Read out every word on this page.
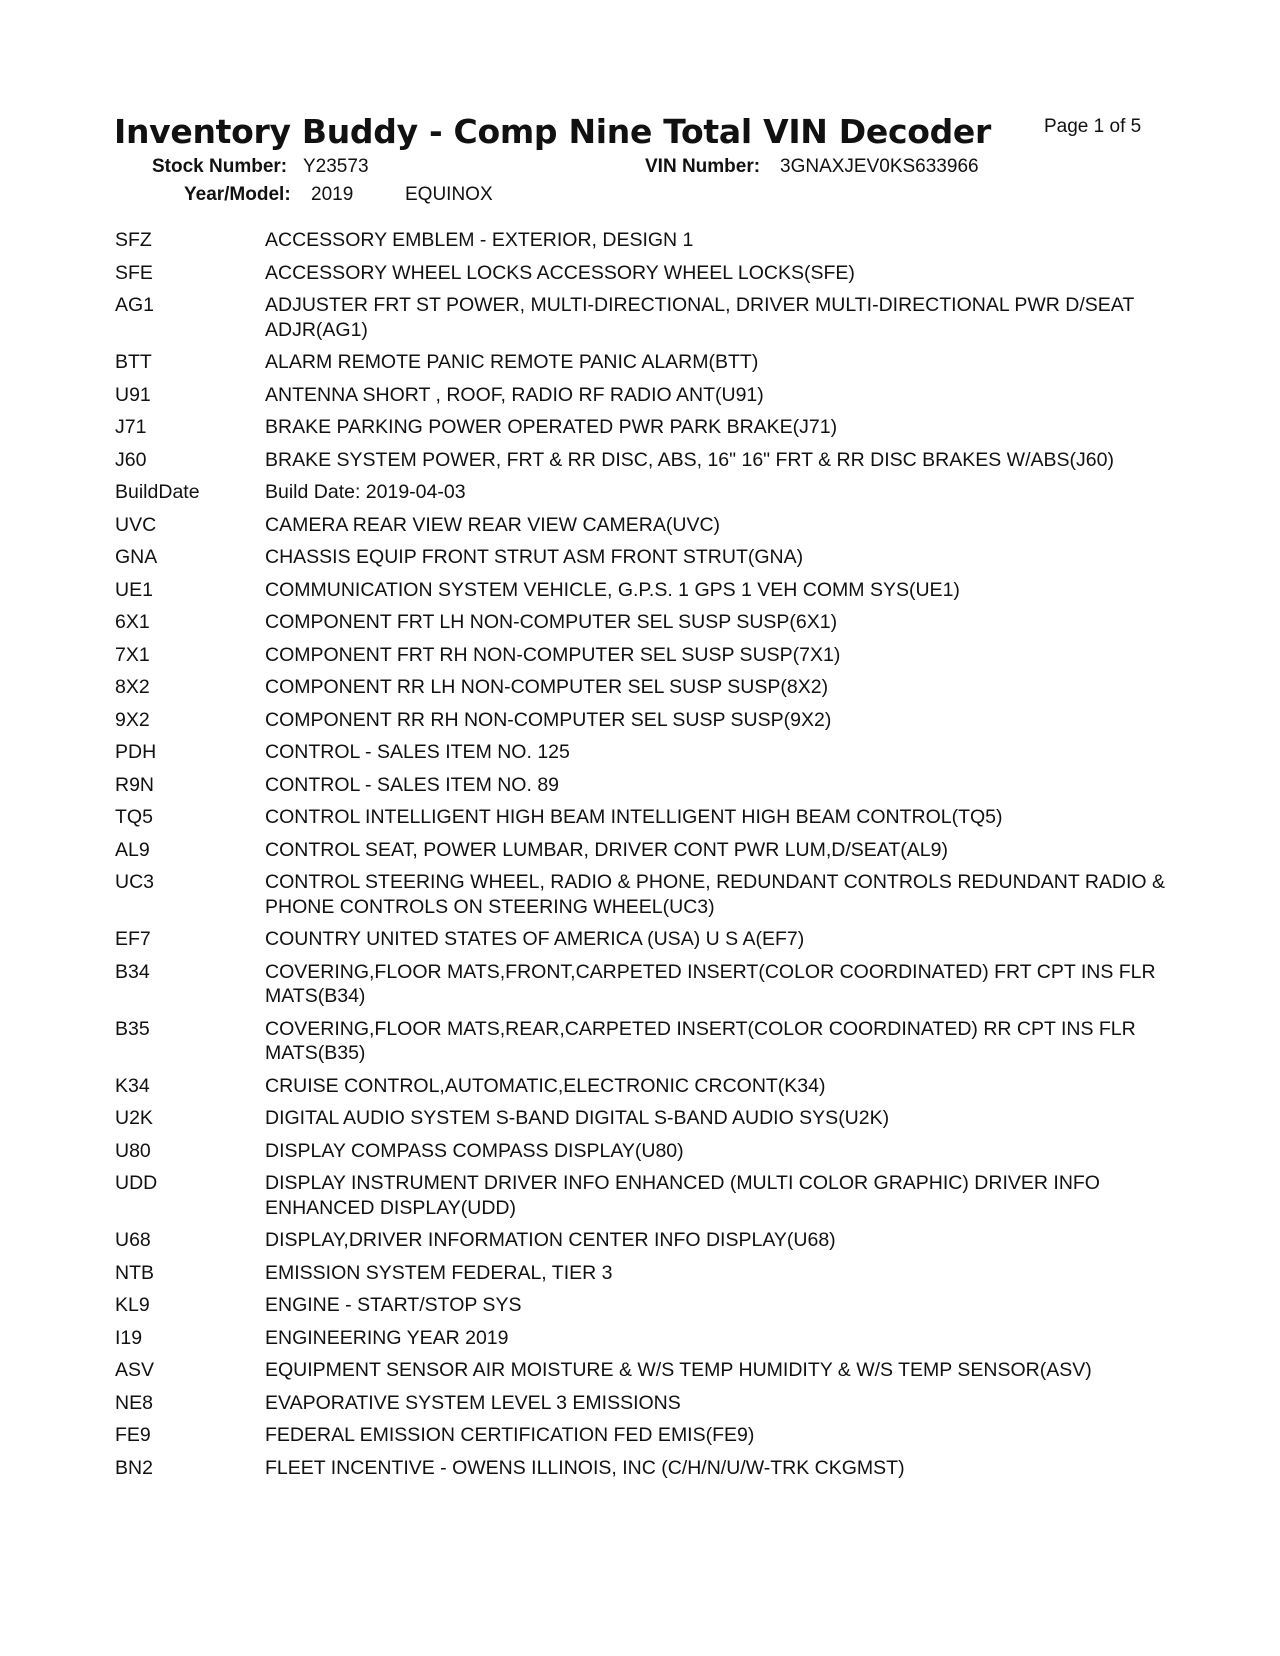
Inventory Buddy - Comp Nine Total VIN Decoder	Page 1 of 5
Stock Number: Y23573	VIN Number: 3GNAXJEV0KS633966
Year/Model: 2019	EQUINOX
SFZ	ACCESSORY EMBLEM - EXTERIOR, DESIGN 1
SFE	ACCESSORY WHEEL LOCKS ACCESSORY WHEEL LOCKS(SFE)
AG1	ADJUSTER FRT ST POWER, MULTI-DIRECTIONAL, DRIVER MULTI-DIRECTIONAL PWR D/SEAT ADJR(AG1)
BTT	ALARM REMOTE PANIC REMOTE PANIC ALARM(BTT)
U91	ANTENNA SHORT , ROOF, RADIO RF RADIO ANT(U91)
J71	BRAKE PARKING POWER OPERATED PWR PARK BRAKE(J71)
J60	BRAKE SYSTEM POWER, FRT & RR DISC, ABS, 16" 16" FRT & RR DISC BRAKES W/ABS(J60)
BuildDate	Build Date: 2019-04-03
UVC	CAMERA REAR VIEW REAR VIEW CAMERA(UVC)
GNA	CHASSIS EQUIP FRONT STRUT ASM FRONT STRUT(GNA)
UE1	COMMUNICATION SYSTEM VEHICLE, G.P.S. 1 GPS 1 VEH COMM SYS(UE1)
6X1	COMPONENT FRT LH NON-COMPUTER SEL SUSP SUSP(6X1)
7X1	COMPONENT FRT RH NON-COMPUTER SEL SUSP SUSP(7X1)
8X2	COMPONENT RR LH NON-COMPUTER SEL SUSP SUSP(8X2)
9X2	COMPONENT RR RH NON-COMPUTER SEL SUSP SUSP(9X2)
PDH	CONTROL - SALES ITEM NO. 125
R9N	CONTROL - SALES ITEM NO. 89
TQ5	CONTROL INTELLIGENT HIGH BEAM INTELLIGENT HIGH BEAM CONTROL(TQ5)
AL9	CONTROL SEAT, POWER LUMBAR, DRIVER CONT PWR LUM,D/SEAT(AL9)
UC3	CONTROL STEERING WHEEL, RADIO & PHONE, REDUNDANT CONTROLS REDUNDANT RADIO & PHONE CONTROLS ON STEERING WHEEL(UC3)
EF7	COUNTRY UNITED STATES OF AMERICA (USA) U S A(EF7)
B34	COVERING,FLOOR MATS,FRONT,CARPETED INSERT(COLOR COORDINATED) FRT CPT INS FLR MATS(B34)
B35	COVERING,FLOOR MATS,REAR,CARPETED INSERT(COLOR COORDINATED) RR CPT INS FLR MATS(B35)
K34	CRUISE CONTROL,AUTOMATIC,ELECTRONIC CRCONT(K34)
U2K	DIGITAL AUDIO SYSTEM S-BAND DIGITAL S-BAND AUDIO SYS(U2K)
U80	DISPLAY COMPASS COMPASS DISPLAY(U80)
UDD	DISPLAY INSTRUMENT DRIVER INFO ENHANCED (MULTI COLOR GRAPHIC) DRIVER INFO ENHANCED DISPLAY(UDD)
U68	DISPLAY,DRIVER INFORMATION CENTER INFO DISPLAY(U68)
NTB	EMISSION SYSTEM FEDERAL, TIER 3
KL9	ENGINE - START/STOP SYS
I19	ENGINEERING YEAR 2019
ASV	EQUIPMENT SENSOR AIR MOISTURE & W/S TEMP HUMIDITY & W/S TEMP SENSOR(ASV)
NE8	EVAPORATIVE SYSTEM LEVEL 3 EMISSIONS
FE9	FEDERAL EMISSION CERTIFICATION FED EMIS(FE9)
BN2	FLEET INCENTIVE - OWENS ILLINOIS, INC (C/H/N/U/W-TRK CKGMST)
